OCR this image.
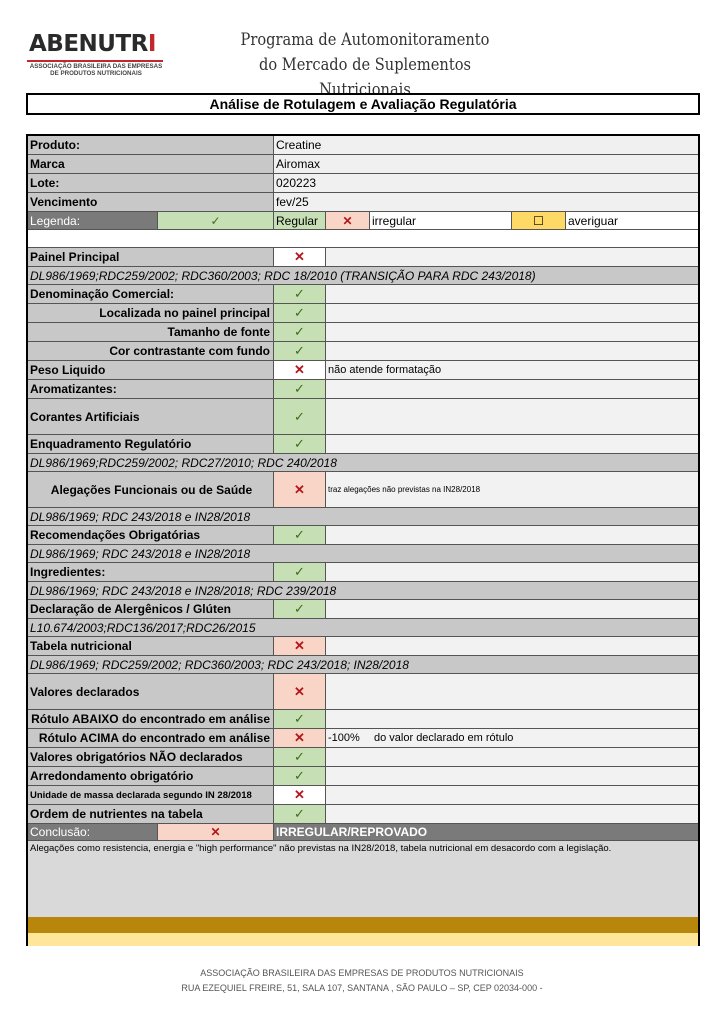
ABENUTRI
ASSOCIAÇÃO BRASILEIRA DAS EMPRESAS DE PRODUTOS NUTRICIONAIS
Programa de Automonitoramento
do Mercado de Suplementos Nutricionais
Análise de Rotulagem e Avaliação Regulatória
Produto:	Creatine
Marca	Airomax
Lote:	020223
Vencimento	fev/25
Legenda:	✓	Regular	✕	irregular	☐	averiguar
Painel Principal	✕
DL986/1969;RDC259/2002; RDC360/2003; RDC 18/2010 (TRANSIÇÃO PARA RDC 243/2018)
Denominação Comercial:	✓
Localizada no painel principal	✓
Tamanho de fonte	✓
Cor contrastante com fundo	✓
Peso Liquido	✕	não atende formatação
Aromatizantes:	✓
Corantes Artificiais	✓
Enquadramento Regulatório	✓
DL986/1969;RDC259/2002; RDC27/2010; RDC 240/2018
Alegações Funcionais ou de Saúde	✕	traz alegações não previstas na IN28/2018
DL986/1969; RDC 243/2018 e IN28/2018
Recomendações Obrigatórias	✓
DL986/1969; RDC 243/2018 e IN28/2018
Ingredientes:	✓
DL986/1969; RDC 243/2018 e IN28/2018; RDC 239/2018
Declaração de Alergênicos / Glúten	✓
L10.674/2003;RDC136/2017;RDC26/2015
Tabela nutricional	✕
DL986/1969; RDC259/2002; RDC360/2003; RDC 243/2018; IN28/2018
Valores declarados	✕
Rótulo ABAIXO do encontrado em análise	✓
Rótulo ACIMA do encontrado em análise	✕	-100%	do valor declarado em rótulo
Valores obrigatórios NÃO declarados	✓
Arredondamento obrigatório	✓
Unidade de massa declarada segundo IN 28/2018	✕
Ordem de nutrientes na tabela	✓
Conclusão:	✕	IRREGULAR/REPROVADO
Alegações como resistencia, energia e "high performance" não previstas na IN28/2018, tabela nutricional em desacordo com a legislação.
ASSOCIAÇÃO BRASILEIRA DAS EMPRESAS DE PRODUTOS NUTRICIONAIS
RUA EZEQUIEL FREIRE, 51, SALA 107, SANTANA , SÃO PAULO – SP, CEP 02034-000 -
